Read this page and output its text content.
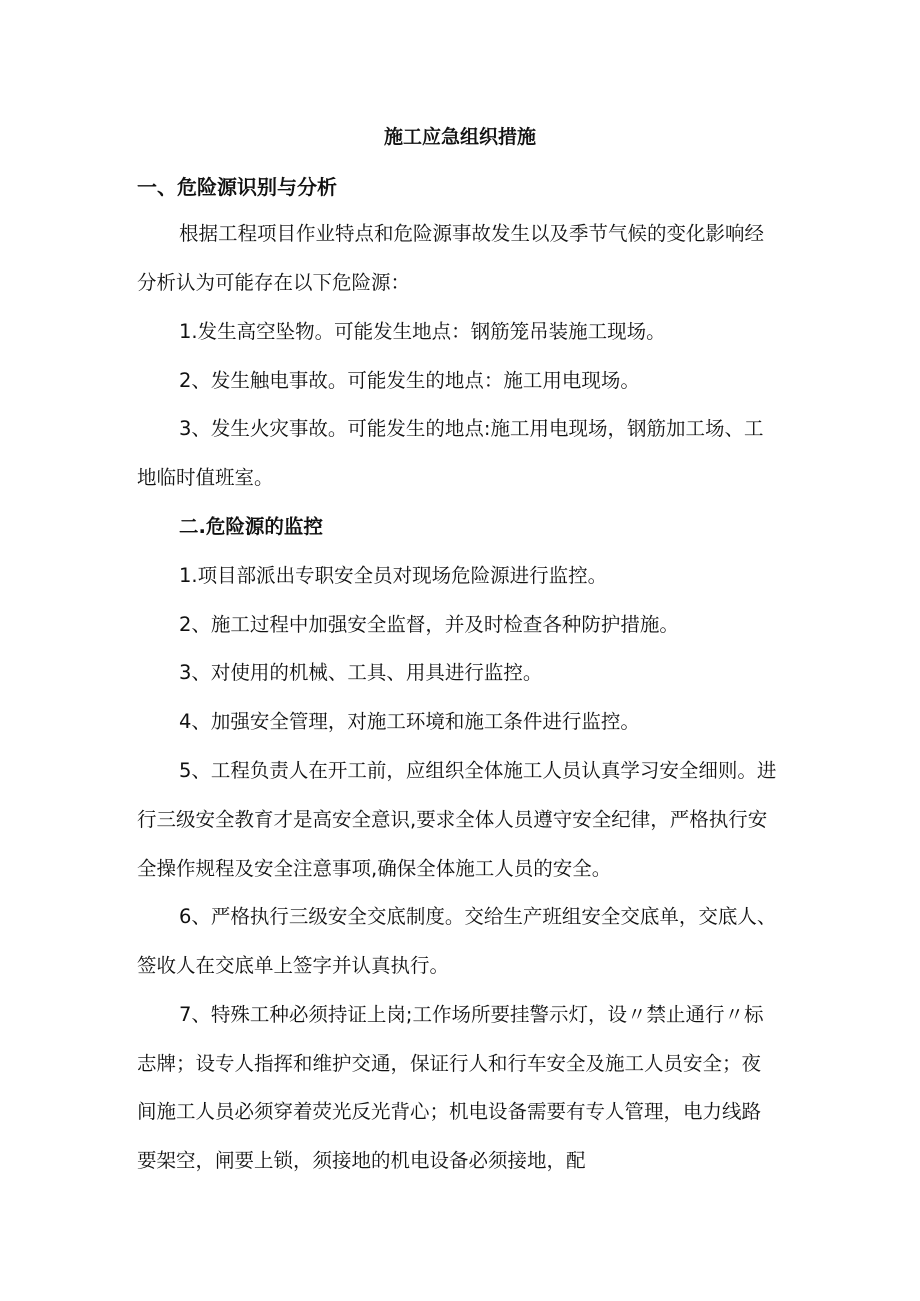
施工应急组织措施
一、危险源识别与分析
根据工程项目作业特点和危险源事故发生以及季节气候的变化影响经
分析认为可能存在以下危险源：
1.发生高空坠物。可能发生地点：钢筋笼吊装施工现场。
2、发生触电事故。可能发生的地点：施工用电现场。
3、发生火灾事故。可能发生的地点:施工用电现场，钢筋加工场、工
地临时值班室。
二.危险源的监控
1.项目部派出专职安全员对现场危险源进行监控。
2、施工过程中加强安全监督，并及时检查各种防护措施。
3、对使用的机械、工具、用具进行监控。
4、加强安全管理，对施工环境和施工条件进行监控。
5、工程负责人在开工前，应组织全体施工人员认真学习安全细则。进
行三级安全教育才是高安全意识,要求全体人员遵守安全纪律，严格执行安
全操作规程及安全注意事项,确保全体施工人员的安全。
6、严格执行三级安全交底制度。交给生产班组安全交底单，交底人、
签收人在交底单上签字并认真执行。
7、特殊工种必须持证上岗;工作场所要挂警示灯，设〃禁止通行〃标
志牌；设专人指挥和维护交通，保证行人和行车安全及施工人员安全；夜
间施工人员必须穿着荧光反光背心；机电设备需要有专人管理，电力线路
要架空，闸要上锁，须接地的机电设备必须接地，配
